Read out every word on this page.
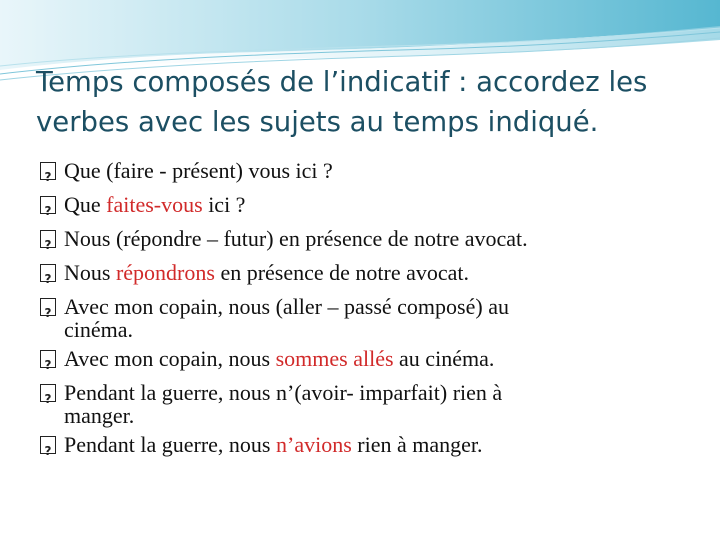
Temps composés de l’indicatif : accordez les
verbes avec les sujets au temps indiqué.
?
Que (faire - présent) vous ici ?
?
Que faites-vous ici ?
?
Nous (répondre – futur) en présence de notre avocat.
?
Nous répondrons en présence de notre avocat.
?
Avec mon copain, nous (aller – passé composé) au
cinéma.
?
Avec mon copain, nous sommes allés au cinéma.
?
Pendant la guerre, nous n’(avoir- imparfait) rien à
manger.
?
Pendant la guerre, nous n’avions rien à manger.
